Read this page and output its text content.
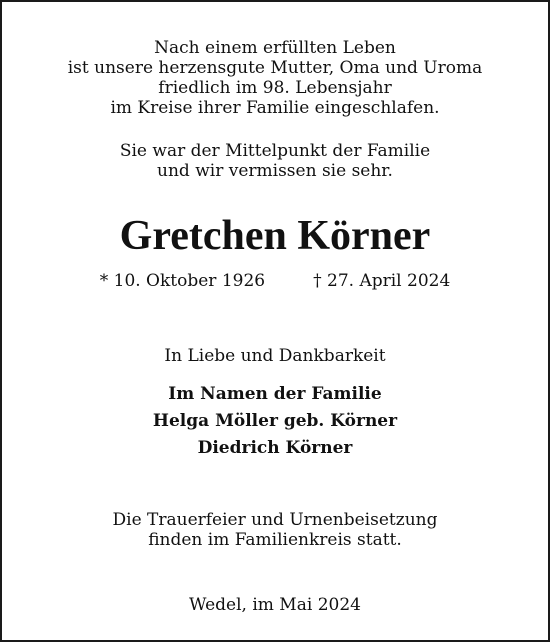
Nach einem erfüllten Leben
ist unsere herzensgute Mutter, Oma und Uroma
friedlich im 98. Lebensjahr
im Kreise ihrer Familie eingeschlafen.
Sie war der Mittelpunkt der Familie
und wir vermissen sie sehr.
Gretchen Körner
* 10. Oktober 1926	† 27. April 2024
In Liebe und Dankbarkeit
Im Namen der Familie
Helga Möller geb. Körner
Diedrich Körner
Die Trauerfeier und Urnenbeisetzung
finden im Familienkreis statt.
Wedel, im Mai 2024
